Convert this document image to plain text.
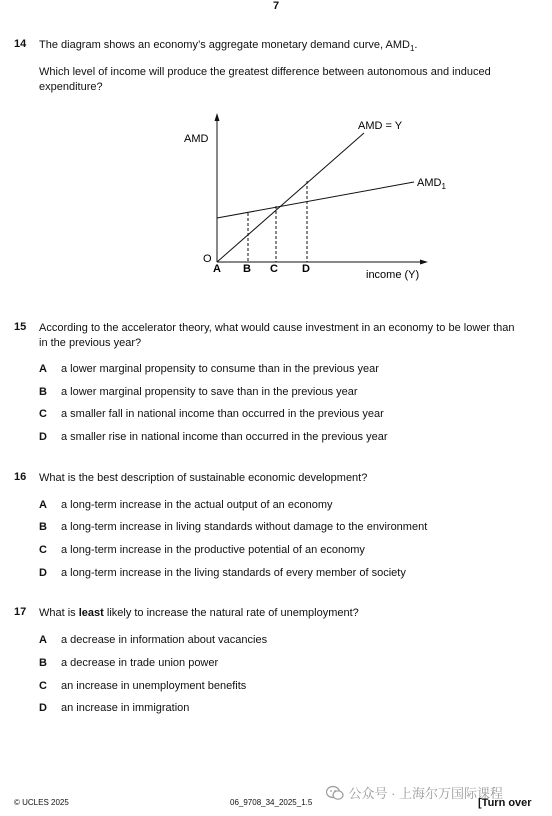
7
14 The diagram shows an economy’s aggregate monetary demand curve, $AMD_1$.
Which level of income will produce the greatest difference between autonomous and induced
expenditure?
AMD
income (Y)
O
AMD = Y
$AMD_1$
A B C D
15 According to the accelerator theory, what would cause investment in an economy to be lower than
in the previous year?
A a lower marginal propensity to consume than in the previous year
B a lower marginal propensity to save than in the previous year
C a smaller fall in national income than occurred in the previous year
D a smaller rise in national income than occurred in the previous year
16 What is the best description of sustainable economic development?
A a long-term increase in the actual output of an economy
B a long-term increase in living standards without damage to the environment
C a long-term increase in the productive potential of an economy
D a long-term increase in the living standards of every member of society
17 What is least likely to increase the natural rate of unemployment?
A a decrease in information about vacancies
B a decrease in trade union power
C an increase in unemployment benefits
D an increase in immigration
© UCLES 2025	06_9708_34_2025_1.5
公众号 · 上海尔万国际课程
[Turn over
